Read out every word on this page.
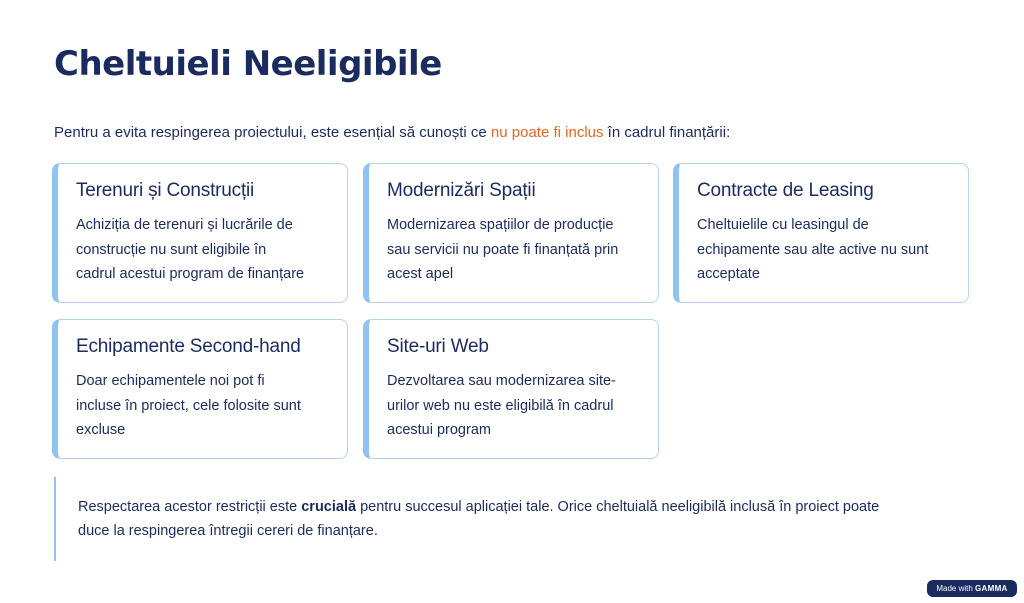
Cheltuieli Neeligibile
Pentru a evita respingerea proiectului, este esențial să cunoști ce nu poate fi inclus în cadrul finanțării:
Terenuri și Construcții

Achiziția de terenuri și lucrările de
construcție nu sunt eligibile în
cadrul acestui program de finanțare

Modernizări Spații

Modernizarea spațiilor de producție
sau servicii nu poate fi finanțată prin
acest apel

Contracte de Leasing

Cheltuielile cu leasingul de
echipamente sau alte active nu sunt
acceptate

Echipamente Second-hand

Doar echipamentele noi pot fi
incluse în proiect, cele folosite sunt
excluse

Site-uri Web

Dezvoltarea sau modernizarea site-
urilor web nu este eligibilă în cadrul
acestui program

Respectarea acestor restricții este crucială pentru succesul aplicației tale. Orice cheltuială neeligibilă inclusă în proiect poate
duce la respingerea întregii cereri de finanțare.
Made with GAMMA
